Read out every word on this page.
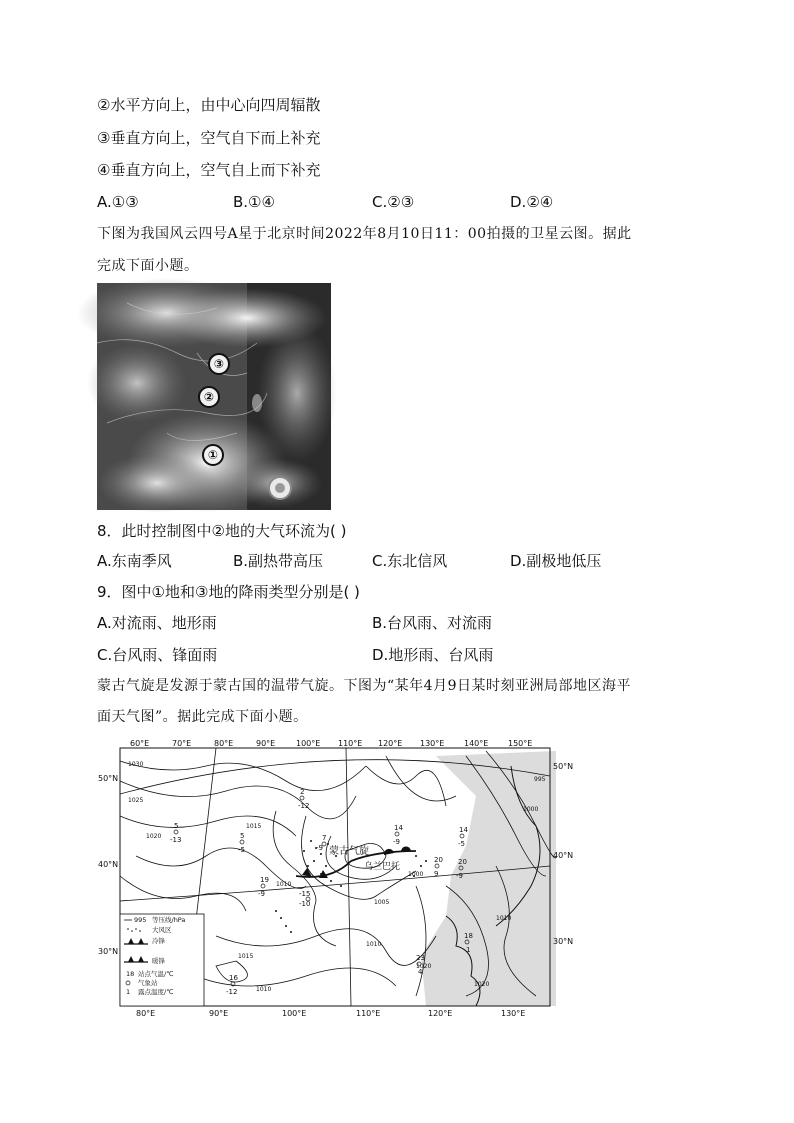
②水平方向上，由中心向四周辐散
③垂直方向上，空气自下而上补充
④垂直方向上，空气自上而下补充
A.①③	B.①④	C.②③	D.②④
下图为我国风云四号A星于北京时间2022年8月10日11：00拍摄的卫星云图。据此
完成下面小题。
③
②
①
8．此时控制图中②地的大气环流为( )
A.东南季风	B.副热带高压	C.东北信风	D.副极地低压
9．图中①地和③地的降雨类型分别是( )
A.对流雨、地形雨	B.台风雨、对流雨
C.台风雨、锋面雨	D.地形雨、台风雨
蒙古气旋是发源于蒙古国的温带气旋。下图为“某年4月9日某时刻亚洲局部地区海平
面天气图”。据此完成下面小题。
60°E	70°E	80°E	90°E	100°E 110°E 120°E 130°E 140°E 150°E
80°E	90°E	100°E	110°E	120°E	130°E
50°N
40°N
30°N
50°N
40°N
30°N
蒙古气旋
乌兰巴托
1030
1025
1020
1015
1010
1005
1000
1015
1010
1020
1010
1020
1000
995
1010
2
-12
5
-13	5
-5
19
-9
14
-9
14
-5
20
9
20
-9
23
4
18
1
16
-12
7
-9
-15
-10
995 等压线/hPa
大风区
冷锋
暖锋
18 站点气温/℃
气象站
1 露点温度/℃
